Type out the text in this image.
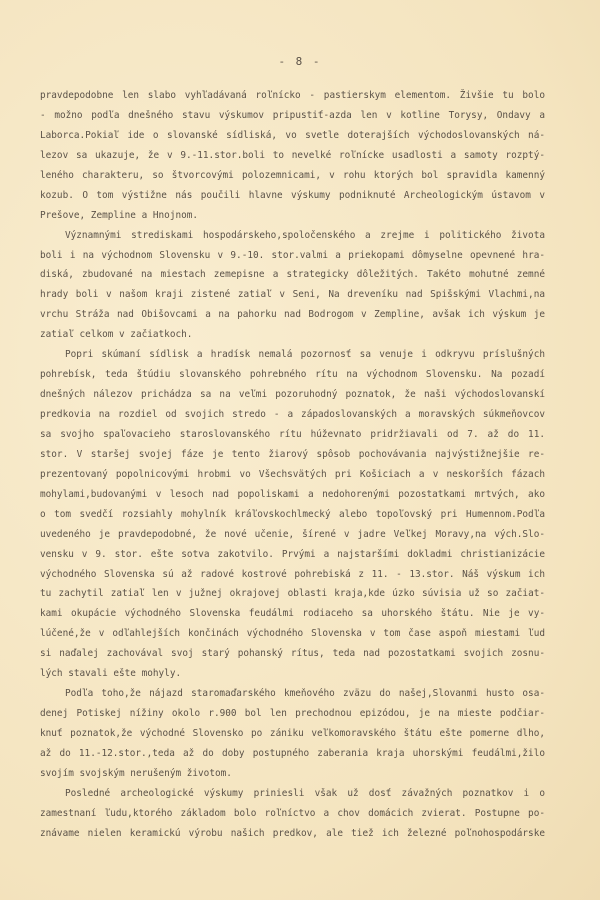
- 8 -
pravdepodobne len slabo vyhľadávaná roľnícko - pastierskym elementom. Živšie tu bolo
- možno podľa dnešného stavu výskumov pripustiť-azda len v kotline Torysy, Ondavy a
Laborca.Pokiaľ ide o slovanské sídliská, vo svetle doterajších východoslovanských ná-
lezov sa ukazuje, že v 9.-11.stor.boli to nevelké roľnícke usadlosti a samoty rozptý-
leného charakteru, so štvorcovými polozemnicami, v rohu ktorých bol spravidla kamenný
kozub. O tom výstižne nás poučili hlavne výskumy podniknuté Archeologickým ústavom v
Prešove, Zempline a Hnojnom.
Významnými strediskami hospodárskeho,spoločenského a zrejme i politického života
boli i na východnom Slovensku v 9.-10. stor.valmi a priekopami dômyselne opevnené hra-
diská, zbudované na miestach zemepisne a strategicky dôležitých. Takéto mohutné zemné
hrady boli v našom kraji zistené zatiaľ v Seni, Na dreveníku nad Spišskými Vlachmi,na
vrchu Stráža nad Obišovcami a na pahorku nad Bodrogom v Zempline, avšak ich výskum je
zatiaľ celkom v začiatkoch.
Popri skúmaní sídlisk a hradísk nemalá pozornosť sa venuje i odkryvu príslušných
pohrebísk, teda štúdiu slovanského pohrebného rítu na východnom Slovensku. Na pozadí
dnešných nálezov prichádza sa na veľmi pozoruhodný poznatok, že naši východoslovanskí
predkovia na rozdiel od svojich stredo - a západoslovanských a moravských súkmeňovcov
sa svojho spaľovacieho staroslovanského rítu húževnato pridržiavali od 7. až do 11.
stor. V staršej svojej fáze je tento žiarový spôsob pochovávania najvýstižnejšie re-
prezentovaný popolnicovými hrobmi vo Všechsvätých pri Košiciach a v neskorších fázach
mohylami,budovanými v lesoch nad popoliskami a nedohorenými pozostatkami mrtvých, ako
o tom svedčí rozsiahly mohylník kráľovskochlmecký alebo topoľovský pri Humennom.Podľa
uvedeného je pravdepodobné, že nové učenie, šírené v jadre Veľkej Moravy,na vých.Slo-
vensku v 9. stor. ešte sotva zakotvilo. Prvými a najstaršími dokladmi christianizácie
východného Slovenska sú až radové kostrové pohrebiská z 11. - 13.stor. Náš výskum ich
tu zachytil zatiaľ len v južnej okrajovej oblasti kraja,kde úzko súvisia už so začiat-
kami okupácie východného Slovenska feudálmi rodiaceho sa uhorského štátu. Nie je vy-
lúčené,že v odľahlejších končinách východného Slovenska v tom čase aspoň miestami ľud
si naďalej zachovával svoj starý pohanský rítus, teda nad pozostatkami svojich zosnu-
lých stavali ešte mohyly.
Podľa toho,že nájazd staromaďarského kmeňového zväzu do našej,Slovanmi husto osa-
denej Potiskej nížiny okolo r.900 bol len prechodnou epizódou, je na mieste podčiar-
knuť poznatok,že východné Slovensko po zániku veľkomoravského štátu ešte pomerne dlho,
až do 11.-12.stor.,teda až do doby postupného zaberania kraja uhorskými feudálmi,žilo
svojím svojským nerušeným životom.
Posledné archeologické výskumy priniesli však už dosť závažných poznatkov i o
zamestnaní ľudu,ktorého základom bolo roľníctvo a chov domácich zvierat. Postupne po-
znávame nielen keramickú výrobu našich predkov, ale tiež ich železné poľnohospodárske
